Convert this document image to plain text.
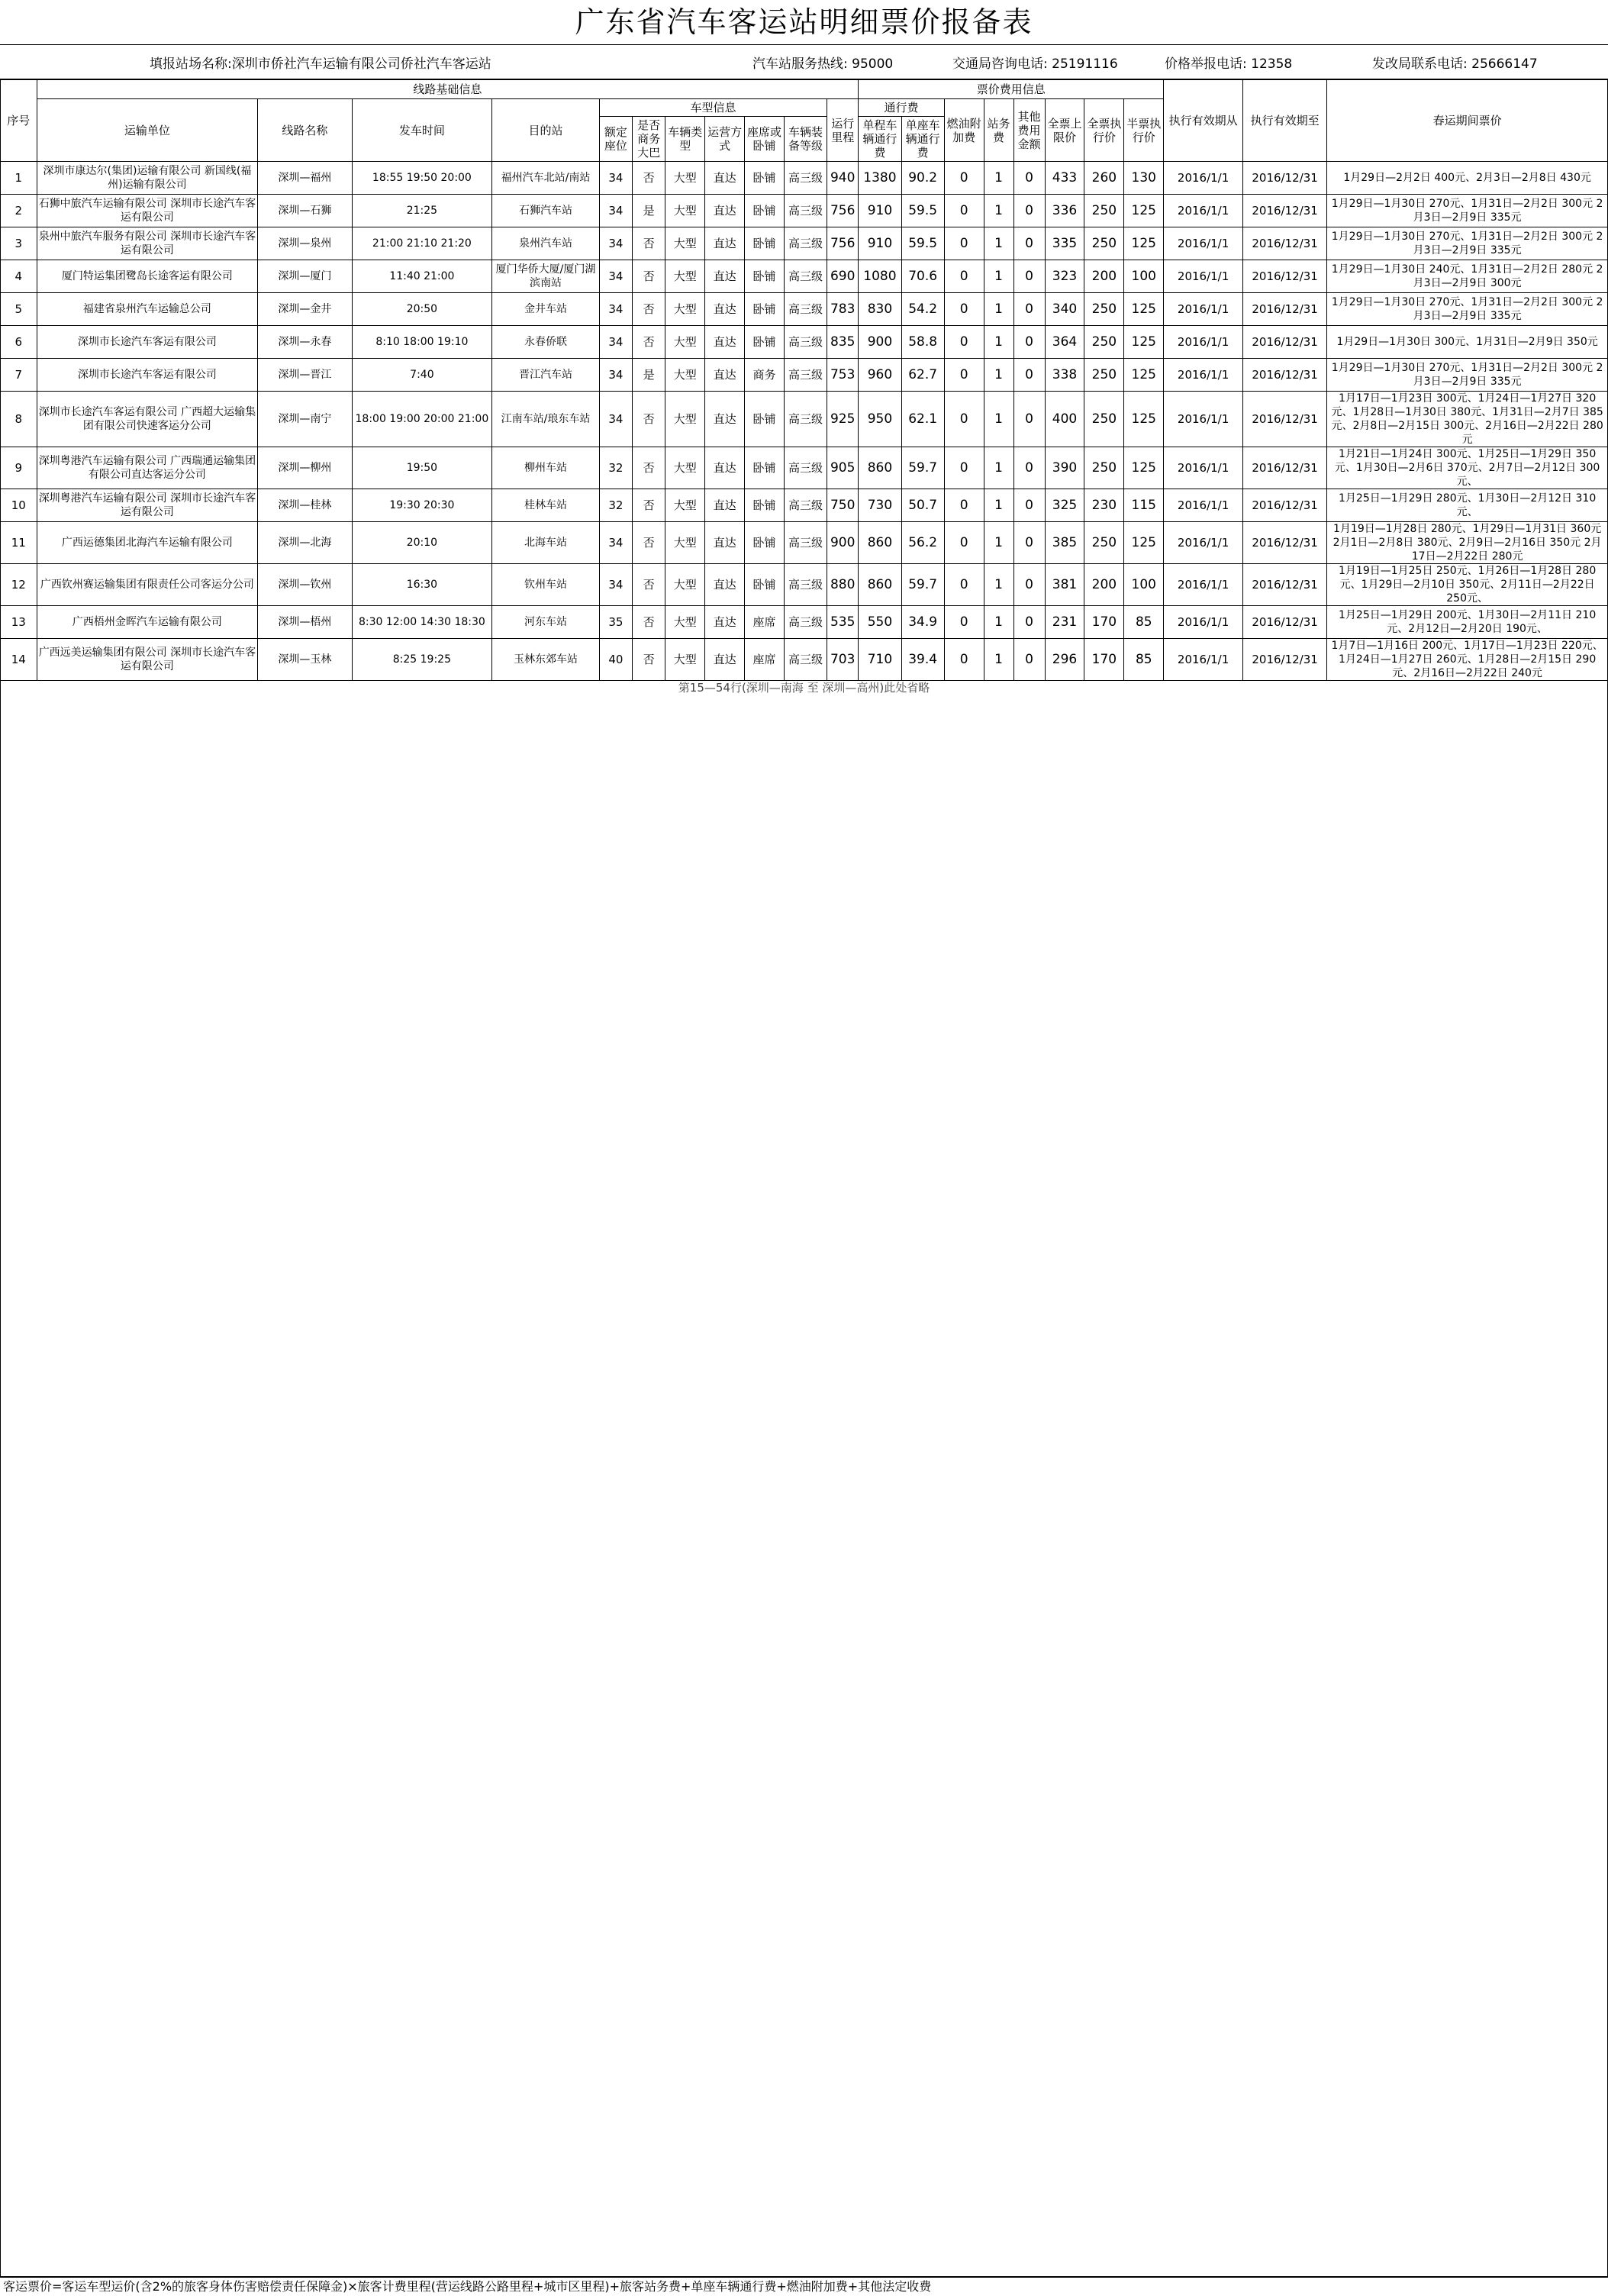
广东省汽车客运站明细票价报备表
填报站场名称:深圳市侨社汽车运输有限公司侨社汽车客运站	汽车站服务热线: 95000	交通局咨询电话: 25191116	价格举报电话: 12358	发改局联系电话: 25666147
序号	线路基础信息											票价费用信息								执行有效期从	执行有效期至	春运期间票价
	运输单位	线路名称	发车时间	目的站	车型信息						运行里程	通行费		燃油附加费	站务费	其他费用金额	全票上限价	全票执行价	半票执行价			
					额定座位	是否商务大巴	车辆类型	运营方式	座席或卧铺	车辆装备等级		单程车辆通行费	单座车辆通行费									
1	深圳市康达尔(集团)运输有限公司 新国线(福州)运输有限公司	深圳—福州	18:55 19:50 20:00	福州汽车北站/南站	34	否	大型	直达	卧铺	高三级	940	1380	90.2	0	1	0	433	260	130	2016/1/1	2016/12/31	1月29日—2月2日 400元、2月3日—2月8日 430元
2	石狮中旅汽车运输有限公司 深圳市长途汽车客运有限公司	深圳—石狮	21:25	石狮汽车站	34	是	大型	直达	卧铺	高三级	756	910	59.5	0	1	0	336	250	125	2016/1/1	2016/12/31	1月29日—1月30日 270元、1月31日—2月2日 300元 2月3日—2月9日 335元
3	泉州中旅汽车服务有限公司 深圳市长途汽车客运有限公司	深圳—泉州	21:00 21:10 21:20	泉州汽车站	34	否	大型	直达	卧铺	高三级	756	910	59.5	0	1	0	335	250	125	2016/1/1	2016/12/31	1月29日—1月30日 270元、1月31日—2月2日 300元 2月3日—2月9日 335元
4	厦门特运集团鹭岛长途客运有限公司	深圳—厦门	11:40 21:00	厦门华侨大厦/厦门湖滨南站	34	否	大型	直达	卧铺	高三级	690	1080	70.6	0	1	0	323	200	100	2016/1/1	2016/12/31	1月29日—1月30日 240元、1月31日—2月2日 280元 2月3日—2月9日 300元
5	福建省泉州汽车运输总公司	深圳—金井	20:50	金井车站	34	否	大型	直达	卧铺	高三级	783	830	54.2	0	1	0	340	250	125	2016/1/1	2016/12/31	1月29日—1月30日 270元、1月31日—2月2日 300元 2月3日—2月9日 335元
6	深圳市长途汽车客运有限公司	深圳—永春	8:10 18:00 19:10	永春侨联	34	否	大型	直达	卧铺	高三级	835	900	58.8	0	1	0	364	250	125	2016/1/1	2016/12/31	1月29日—1月30日 300元、1月31日—2月9日 350元
7	深圳市长途汽车客运有限公司	深圳—晋江	7:40	晋江汽车站	34	是	大型	直达	商务	高三级	753	960	62.7	0	1	0	338	250	125	2016/1/1	2016/12/31	1月29日—1月30日 270元、1月31日—2月2日 300元 2月3日—2月9日 335元
8	深圳市长途汽车客运有限公司 广西超大运输集团有限公司快速客运分公司	深圳—南宁	18:00 19:00 20:00 21:00	江南车站/琅东车站	34	否	大型	直达	卧铺	高三级	925	950	62.1	0	1	0	400	250	125	2016/1/1	2016/12/31	1月17日—1月23日 300元、1月24日—1月27日 320元、1月28日—1月30日 380元、1月31日—2月7日 385元、2月8日—2月15日 300元、2月16日—2月22日 280元
9	深圳粤港汽车运输有限公司 广西瑞通运输集团有限公司直达客运分公司	深圳—柳州	19:50	柳州车站	32	否	大型	直达	卧铺	高三级	905	860	59.7	0	1	0	390	250	125	2016/1/1	2016/12/31	1月21日—1月24日 300元、1月25日—1月29日 350元、1月30日—2月6日 370元、2月7日—2月12日 300元、
10	深圳粤港汽车运输有限公司 深圳市长途汽车客运有限公司	深圳—桂林	19:30 20:30	桂林车站	32	否	大型	直达	卧铺	高三级	750	730	50.7	0	1	0	325	230	115	2016/1/1	2016/12/31	1月25日—1月29日 280元、1月30日—2月12日 310元、
11	广西运德集团北海汽车运输有限公司	深圳—北海	20:10	北海车站	34	否	大型	直达	卧铺	高三级	900	860	56.2	0	1	0	385	250	125	2016/1/1	2016/12/31	1月19日—1月28日 280元、1月29日—1月31日 360元 2月1日—2月8日 380元、2月9日—2月16日 350元 2月17日—2月22日 280元
12	广西钦州赛运输集团有限责任公司客运分公司	深圳—钦州	16:30	钦州车站	34	否	大型	直达	卧铺	高三级	880	860	59.7	0	1	0	381	200	100	2016/1/1	2016/12/31	1月19日—1月25日 250元、1月26日—1月28日 280元、1月29日—2月10日 350元、2月11日—2月22日 250元、
13	广西梧州金晖汽车运输有限公司	深圳—梧州	8:30 12:00 14:30 18:30	河东车站	35	否	大型	直达	座席	高三级	535	550	34.9	0	1	0	231	170	85	2016/1/1	2016/12/31	1月25日—1月29日 200元、1月30日—2月11日 210元、2月12日—2月20日 190元、
14	广西远美运输集团有限公司 深圳市长途汽车客运有限公司	深圳—玉林	8:25 19:25	玉林东郊车站	40	否	大型	直达	座席	高三级	703	710	39.4	0	1	0	296	170	85	2016/1/1	2016/12/31	1月7日—1月16日 200元、1月17日—1月23日 220元、1月24日—1月27日 260元、1月28日—2月15日 290元、2月16日—2月22日 240元
第15—54行(深圳—南海 至 深圳—高州)此处省略																						
客运票价=客运车型运价(含2%的旅客身体伤害赔偿责任保障金)×旅客计费里程(营运线路公路里程+城市区里程)+旅客站务费+单座车辆通行费+燃油附加费+其他法定收费
